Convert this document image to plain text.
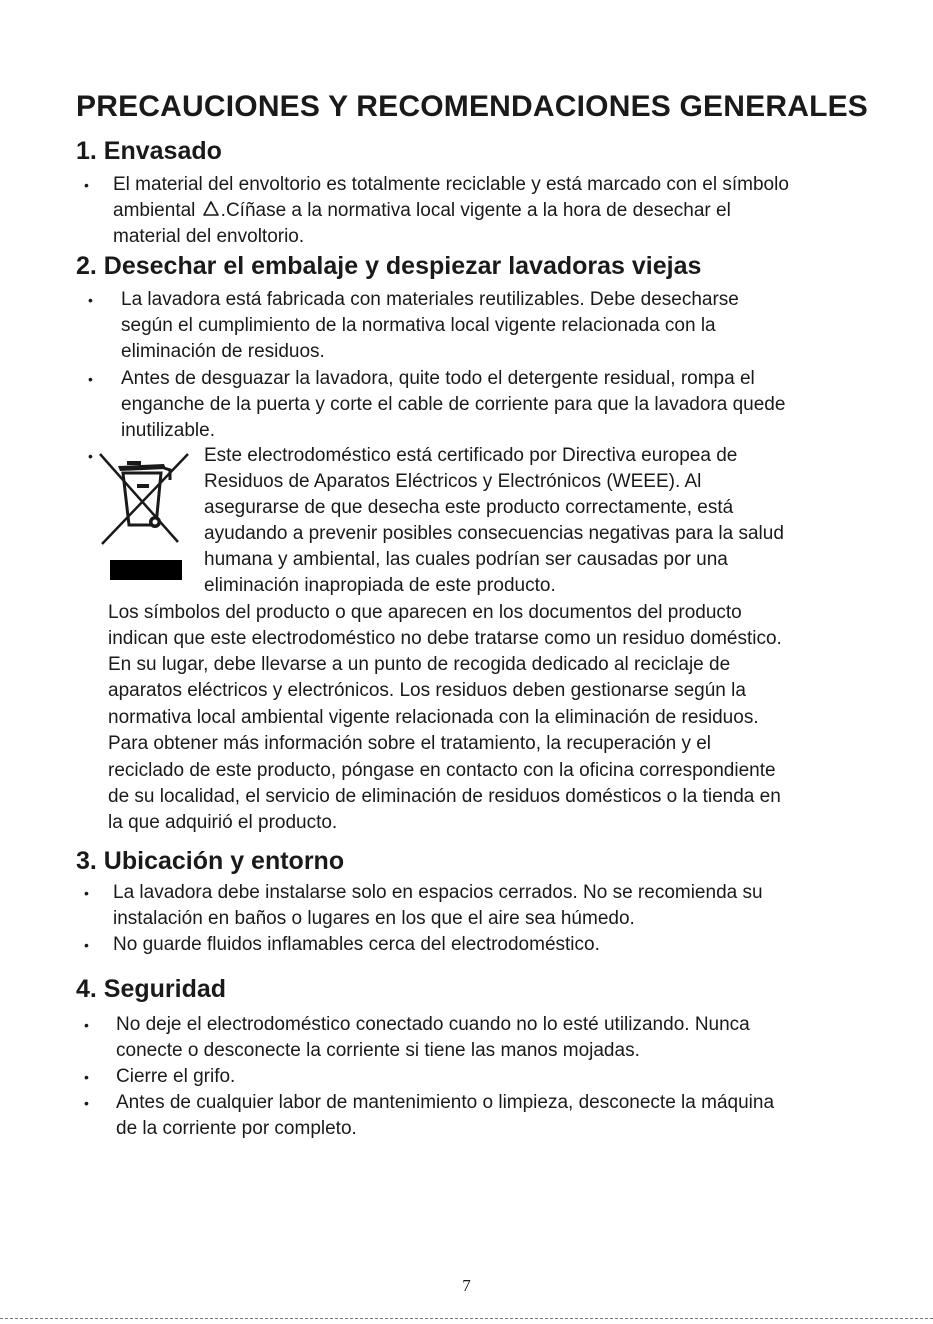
PRECAUCIONES Y RECOMENDACIONES GENERALES
1. Envasado
• El material del envoltorio es totalmente reciclable y está marcado con el símbolo
ambiental .Cíñase a la normativa local vigente a la hora de desechar el
material del envoltorio.
2. Desechar el embalaje y despiezar lavadoras viejas
• La lavadora está fabricada con materiales reutilizables. Debe desecharse
según el cumplimiento de la normativa local vigente relacionada con la
eliminación de residuos.
• Antes de desguazar la lavadora, quite todo el detergente residual, rompa el
enganche de la puerta y corte el cable de corriente para que la lavadora quede
inutilizable.
•	Este electrodoméstico está certificado por Directiva europea de
Residuos de Aparatos Eléctricos y Electrónicos (WEEE). Al
asegurarse de que desecha este producto correctamente, está
ayudando a prevenir posibles consecuencias negativas para la salud
humana y ambiental, las cuales podrían ser causadas por una
eliminación inapropiada de este producto.
Los símbolos del producto o que aparecen en los documentos del producto
indican que este electrodoméstico no debe tratarse como un residuo doméstico.
En su lugar, debe llevarse a un punto de recogida dedicado al reciclaje de
aparatos eléctricos y electrónicos. Los residuos deben gestionarse según la
normativa local ambiental vigente relacionada con la eliminación de residuos.
Para obtener más información sobre el tratamiento, la recuperación y el
reciclado de este producto, póngase en contacto con la oficina correspondiente
de su localidad, el servicio de eliminación de residuos domésticos o la tienda en
la que adquirió el producto.
3. Ubicación y entorno
• La lavadora debe instalarse solo en espacios cerrados. No se recomienda su
instalación en baños o lugares en los que el aire sea húmedo.
• No guarde fluidos inflamables cerca del electrodoméstico.
4. Seguridad
• No deje el electrodoméstico conectado cuando no lo esté utilizando. Nunca
conecte o desconecte la corriente si tiene las manos mojadas.
• Cierre el grifo.
• Antes de cualquier labor de mantenimiento o limpieza, desconecte la máquina
de la corriente por completo.
7
